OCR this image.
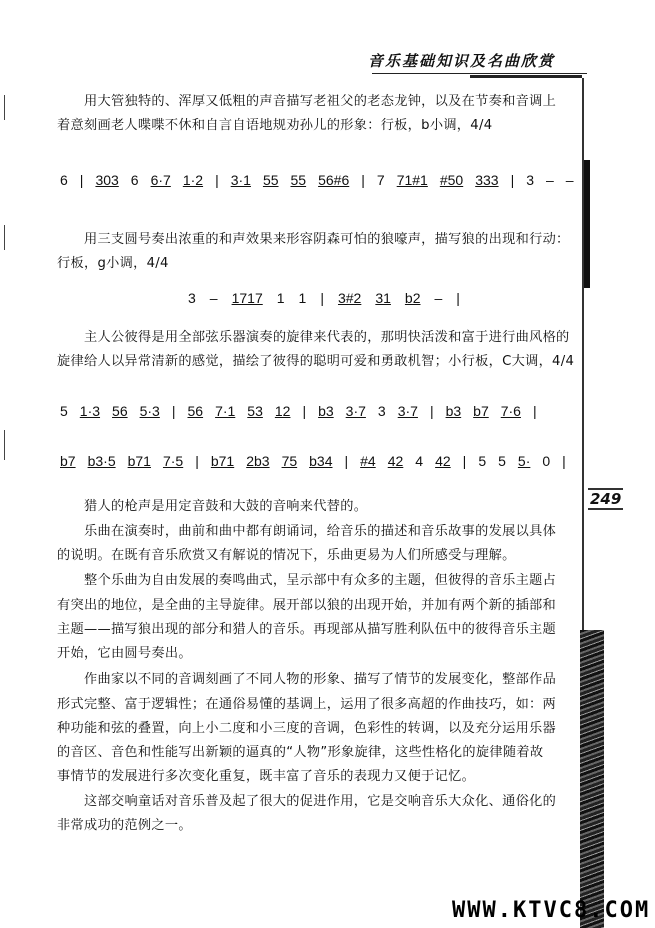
音乐基础知识及名曲欣赏
用大管独特的、浑厚又低粗的声音描写老祖父的老态龙钟，以及在节奏和音调上
着意刻画老人喋喋不休和自言自语地规劝孙儿的形象：行板，b小调，4/4
6 | 303 6 6·7 1·2 | 3·1 55 55 56#6 | 7 71#1 #50 333 | 3 – –
用三支圆号奏出浓重的和声效果来形容阴森可怕的狼嚎声，描写狼的出现和行动：
行板，g小调，4/4
3 – 1717 1 1 | 3#2 31 b2 – |
主人公彼得是用全部弦乐器演奏的旋律来代表的，那明快活泼和富于进行曲风格的
旋律给人以异常清新的感觉，描绘了彼得的聪明可爱和勇敢机智；小行板，C大调，4/4
5 1·3 56 5·3 | 56 7·1 53 12 | b3 3·7 3 3·7 | b3 b7 7·6 |
b7 b3·5 b71 7·5 | b71 2b3 75 b34 | #4 42 4 42 | 5 5 5· 0 |
猎人的枪声是用定音鼓和大鼓的音响来代替的。
乐曲在演奏时，曲前和曲中都有朗诵词，给音乐的描述和音乐故事的发展以具体
的说明。在既有音乐欣赏又有解说的情况下，乐曲更易为人们所感受与理解。
整个乐曲为自由发展的奏鸣曲式，呈示部中有众多的主题，但彼得的音乐主题占
有突出的地位，是全曲的主导旋律。展开部以狼的出现开始，并加有两个新的插部和
主题——描写狼出现的部分和猎人的音乐。再现部从描写胜利队伍中的彼得音乐主题
开始，它由圆号奏出。
作曲家以不同的音调刻画了不同人物的形象、描写了情节的发展变化，整部作品
形式完整、富于逻辑性；在通俗易懂的基调上，运用了很多高超的作曲技巧，如：两
种功能和弦的叠置，向上小二度和小三度的音调，色彩性的转调，以及充分运用乐器
的音区、音色和性能写出新颖的逼真的“人物”形象旋律，这些性格化的旋律随着故
事情节的发展进行多次变化重复，既丰富了音乐的表现力又便于记忆。
这部交响童话对音乐普及起了很大的促进作用，它是交响音乐大众化、通俗化的
非常成功的范例之一。
249
WWW.KTVC8.COM
